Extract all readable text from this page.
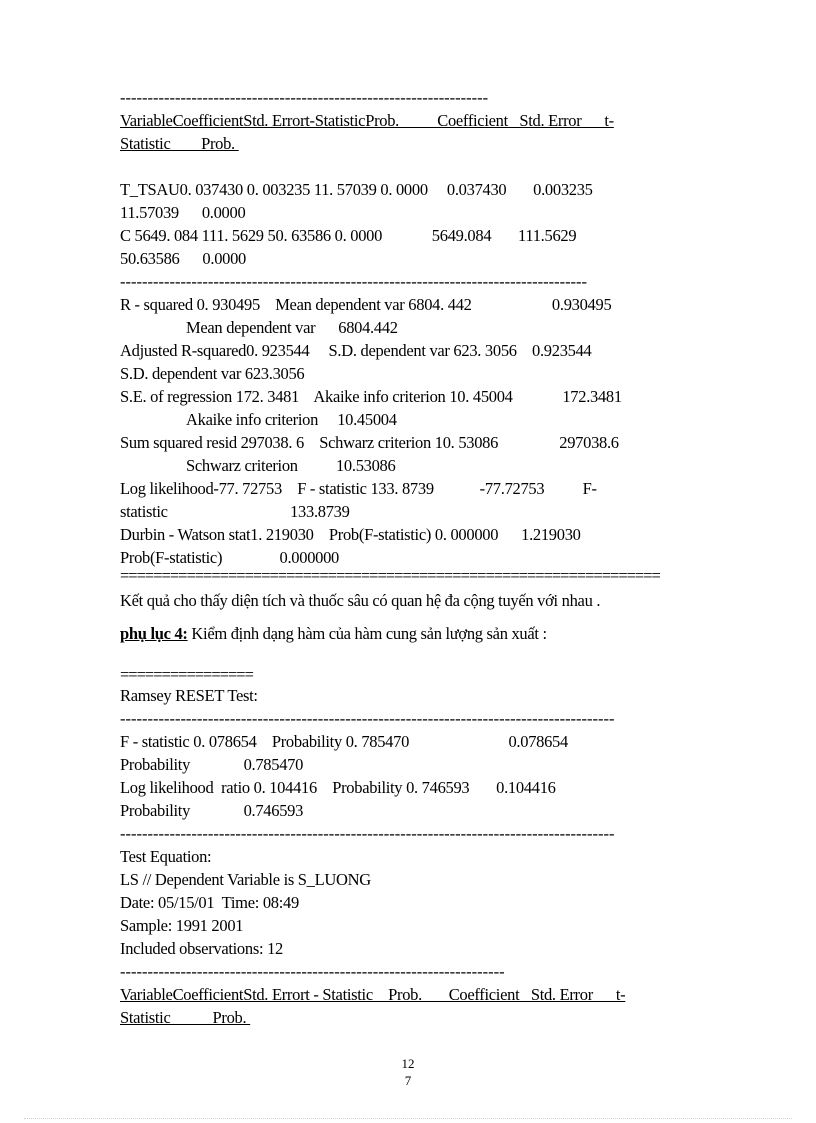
-------------------------------------------------------------------
VariableCoefficientStd. Errort-StatisticProb.          Coefficient   Std. Error      t-
Statistic        Prob.
T_TSAU0. 037430 0. 003235 11. 57039 0. 0000     0.037430       0.003235
11.57039      0.0000
C 5649. 084 111. 5629 50. 63586 0. 0000             5649.084       111.5629
50.63586      0.0000
-------------------------------------------------------------------------------------
R - squared 0. 930495    Mean dependent var 6804. 442                     0.930495
Mean dependent var      6804.442
Adjusted R-squared0. 923544     S.D. dependent var 623. 3056    0.923544
S.D. dependent var 623.3056
S.E. of regression 172. 3481    Akaike info criterion 10. 45004             172.3481
Akaike info criterion     10.45004
Sum squared resid 297038. 6    Schwarz criterion 10. 53086                297038.6
Schwarz criterion          10.53086
Log likelihood-77. 72753    F - statistic 133. 8739            -77.72753          F-
statistic                                133.8739
Durbin - Watson stat1. 219030    Prob(F-statistic) 0. 000000      1.219030
Prob(F-statistic)               0.000000
=================================================================
Kết quả cho thấy diện tích và thuốc sâu có quan hệ đa cộng tuyến với nhau .
phụ lục 4: Kiểm định dạng hàm của hàm cung sản lượng sản xuất :
================
Ramsey RESET Test:
------------------------------------------------------------------------------------------
F - statistic 0. 078654    Probability 0. 785470                          0.078654
Probability              0.785470
Log likelihood  ratio 0. 104416    Probability 0. 746593       0.104416
Probability              0.746593
------------------------------------------------------------------------------------------
Test Equation:
LS // Dependent Variable is S_LUONG
Date: 05/15/01  Time: 08:49
Sample: 1991 2001
Included observations: 12
----------------------------------------------------------------------
VariableCoefficientStd. Errort - Statistic    Prob.       Coefficient   Std. Error      t-
Statistic           Prob.
12
7
